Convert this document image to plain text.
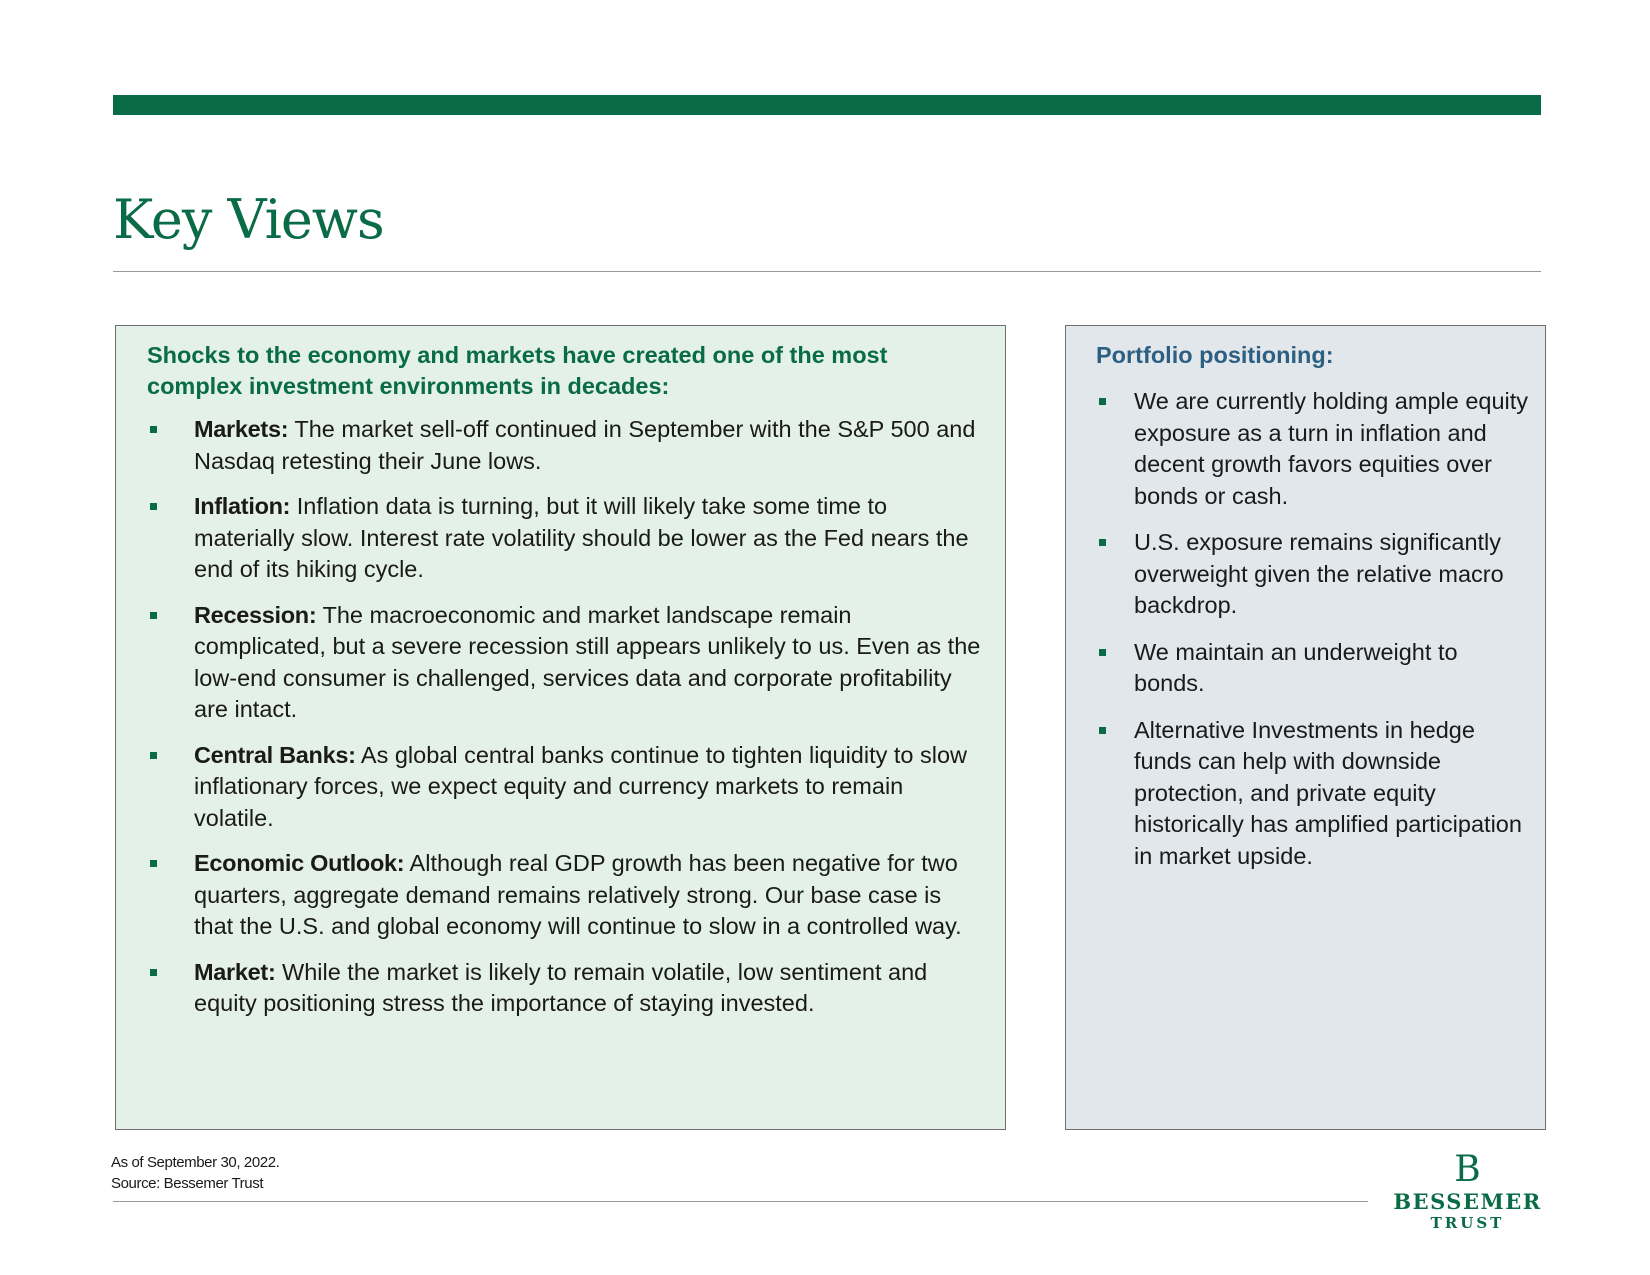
Key Views

Shocks to the economy and markets have created one of the most complex investment environments in decades:

Markets: The market sell-off continued in September with the S&P 500 and Nasdaq retesting their June lows.
Inflation: Inflation data is turning, but it will likely take some time to materially slow. Interest rate volatility should be lower as the Fed nears the end of its hiking cycle.
Recession: The macroeconomic and market landscape remain complicated, but a severe recession still appears unlikely to us. Even as the low-end consumer is challenged, services data and corporate profitability are intact.
Central Banks: As global central banks continue to tighten liquidity to slow inflationary forces, we expect equity and currency markets to remain volatile.
Economic Outlook: Although real GDP growth has been negative for two quarters, aggregate demand remains relatively strong. Our base case is that the U.S. and global economy will continue to slow in a controlled way.
Market: While the market is likely to remain volatile, low sentiment and equity positioning stress the importance of staying invested.

Portfolio positioning:

We are currently holding ample equity exposure as a turn in inflation and decent growth favors equities over bonds or cash.
U.S. exposure remains significantly overweight given the relative macro backdrop.
We maintain an underweight to bonds.
Alternative Investments in hedge funds can help with downside protection, and private equity historically has amplified participation in market upside.
As of September 30, 2022.
Source: Bessemer Trust	B
BESSEMER
TRUST
